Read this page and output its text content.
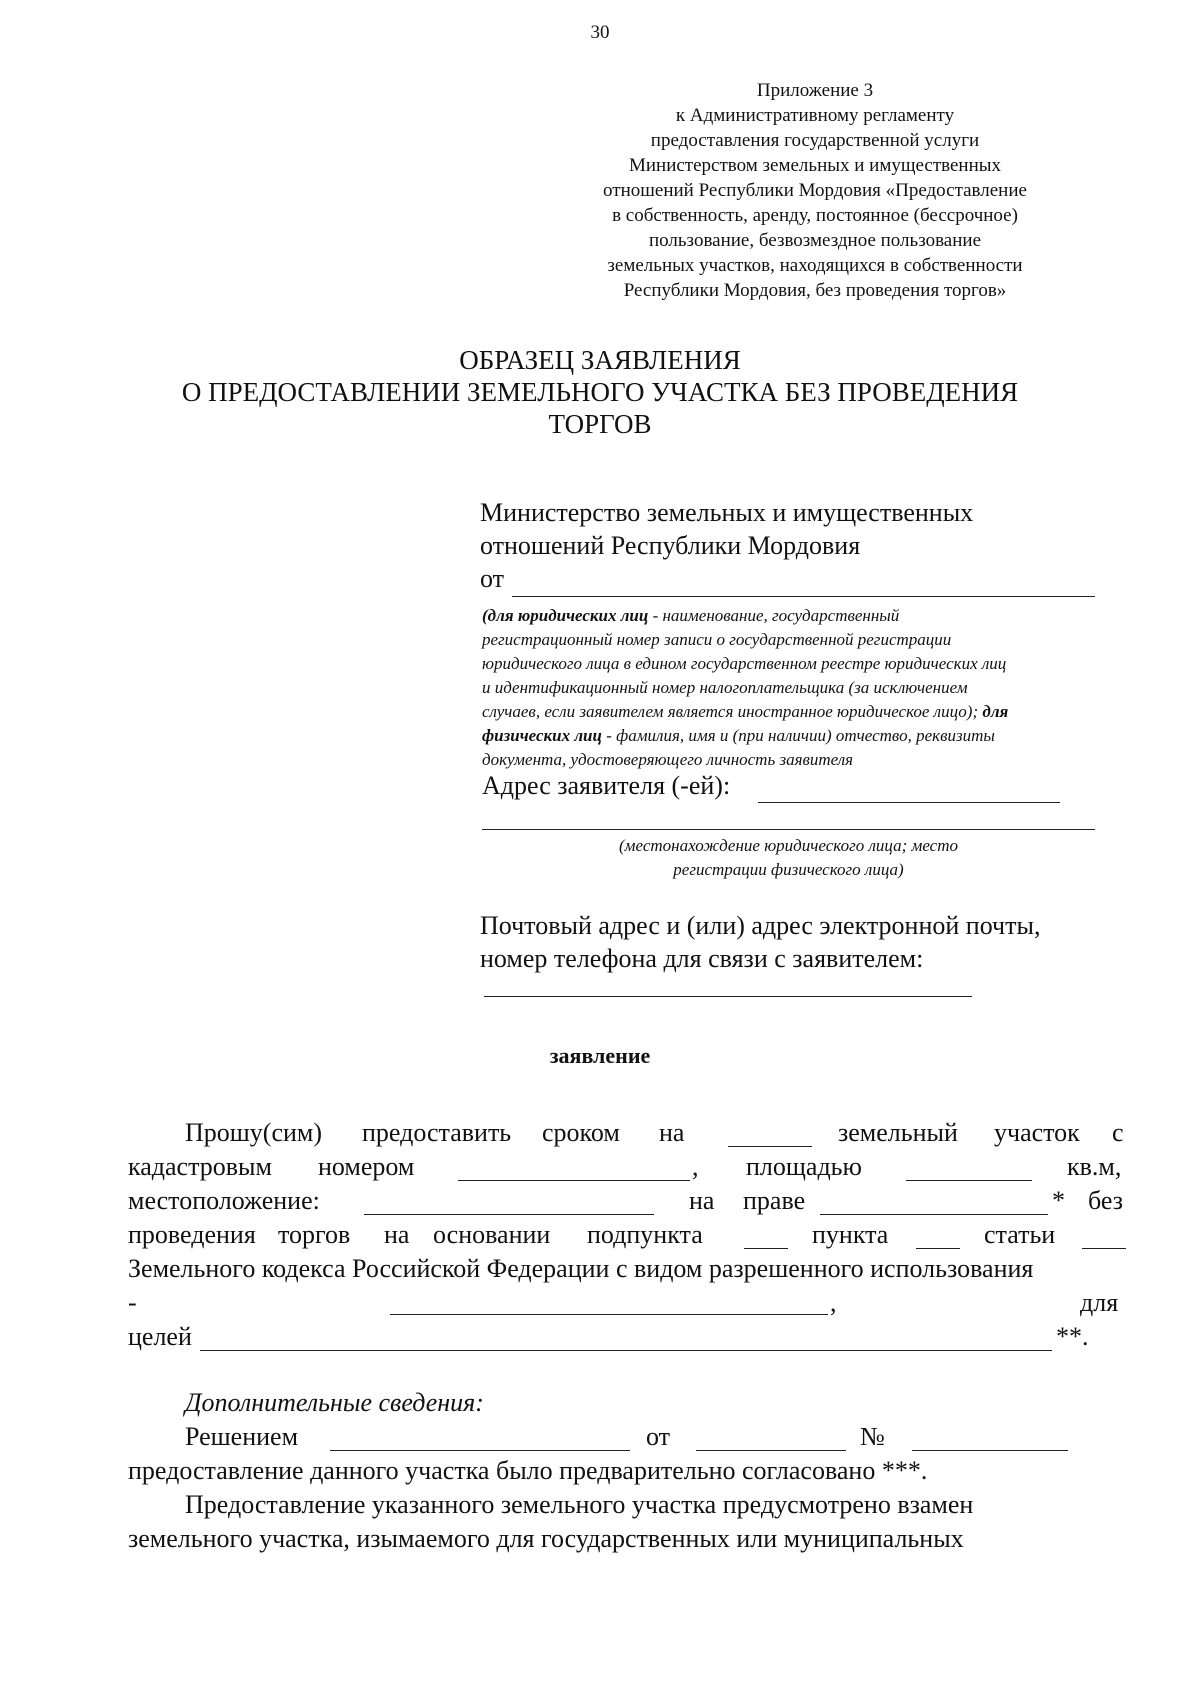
30
Приложение 3
к Административному регламенту
предоставления государственной услуги
Министерством земельных и имущественных
отношений Республики Мордовия «Предоставление
в собственность, аренду, постоянное (бессрочное)
пользование, безвозмездное пользование
земельных участков, находящихся в собственности
Республики Мордовия, без проведения торгов»
ОБРАЗЕЦ ЗАЯВЛЕНИЯ
О ПРЕДОСТАВЛЕНИИ ЗЕМЕЛЬНОГО УЧАСТКА БЕЗ ПРОВЕДЕНИЯ
ТОРГОВ
Министерство земельных и имущественных
отношений Республики Мордовия
от
(для юридических лиц - наименование, государственный
регистрационный номер записи о государственной регистрации
юридического лица в едином государственном реестре юридических лиц
и идентификационный номер налогоплательщика (за исключением
случаев, если заявителем является иностранное юридическое лицо); для
физических лиц - фамилия, имя и (при наличии) отчество, реквизиты
документа, удостоверяющего личность заявителя
Адрес заявителя (-ей):
(местонахождение юридического лица; место
регистрации физического лица)
Почтовый адрес и (или) адрес электронной почты,
номер телефона для связи с заявителем:
заявление
Прошу(сим) предоставить сроком на	земельный участок с
кадастровым номером	, площадью	кв.м,
местоположение:	на праве	* без
проведения торгов на основании подпункта	пункта	статьи
Земельного кодекса Российской Федерации с видом разрешенного использования
-	,	для
целей	**.
Дополнительные сведения:
Решением	от	№
предоставление данного участка было предварительно согласовано ***.
Предоставление указанного земельного участка предусмотрено взамен
земельного участка, изымаемого для государственных или муниципальных
